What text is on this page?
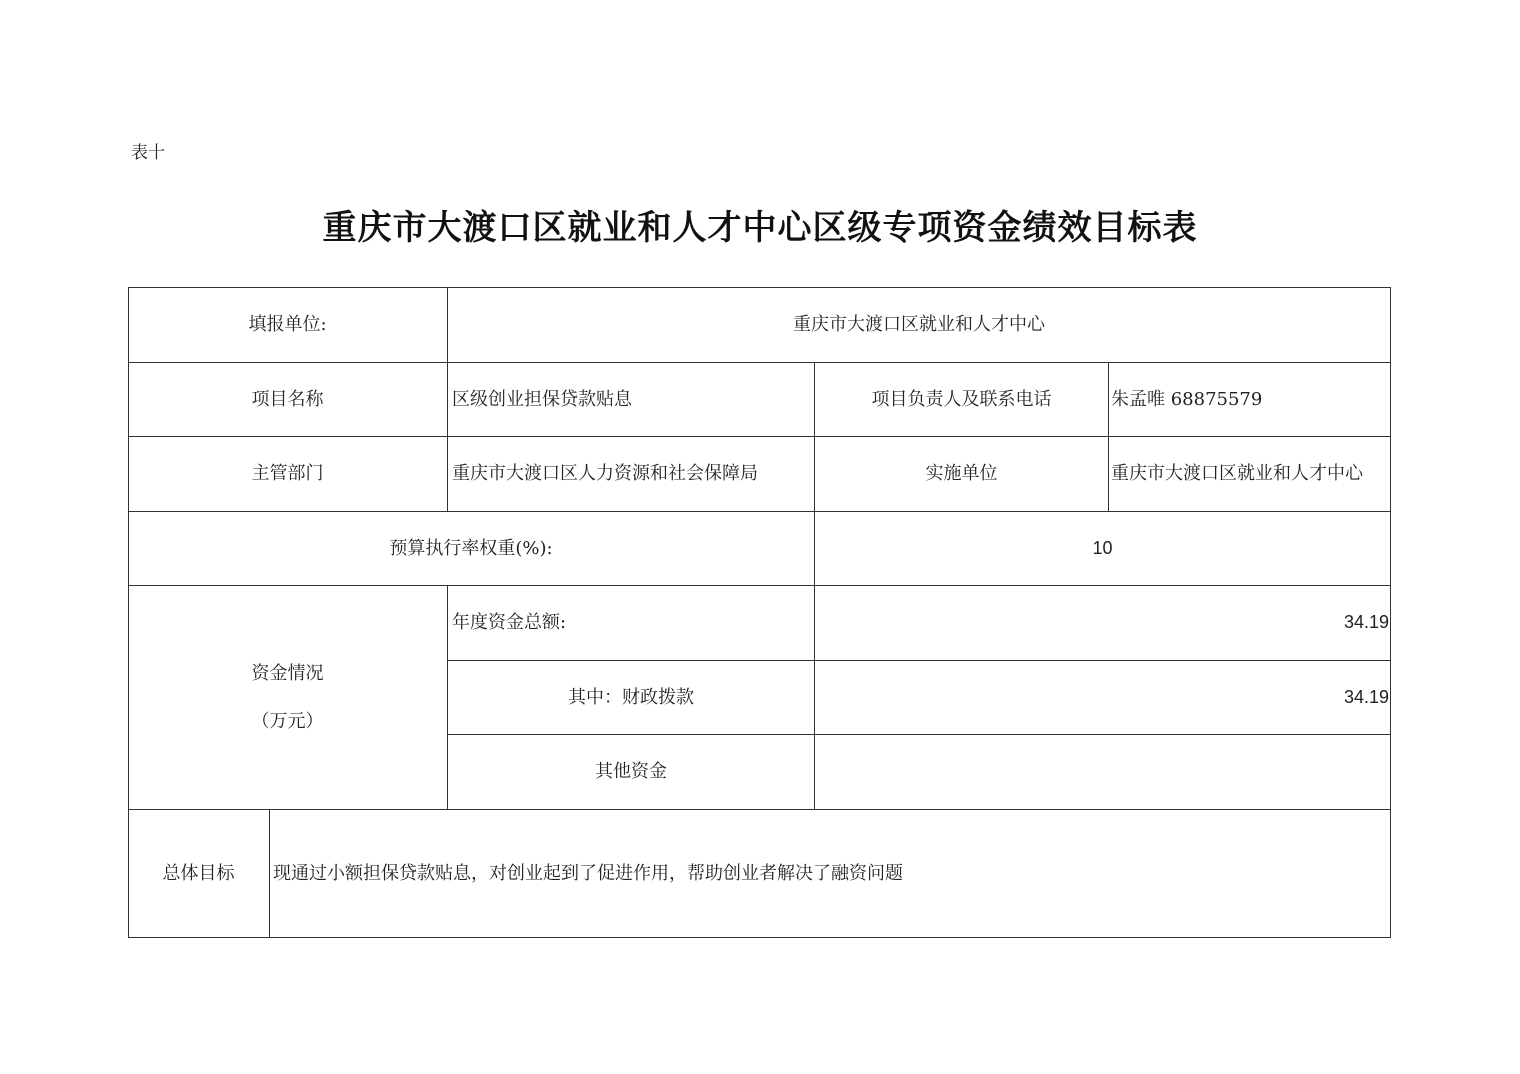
表十
重庆市大渡口区就业和人才中心区级专项资金绩效目标表
填报单位:	重庆市大渡口区就业和人才中心
项目名称	区级创业担保贷款贴息	项目负责人及联系电话	朱孟唯 68875579
主管部门	重庆市大渡口区人力资源和社会保障局	实施单位	重庆市大渡口区就业和人才中心
预算执行率权重(%):	10
资金情况
（万元）
年度资金总额:	34.19
其中：财政拨款	34.19
其他资金
总体目标	现通过小额担保贷款贴息，对创业起到了促进作用，帮助创业者解决了融资问题
